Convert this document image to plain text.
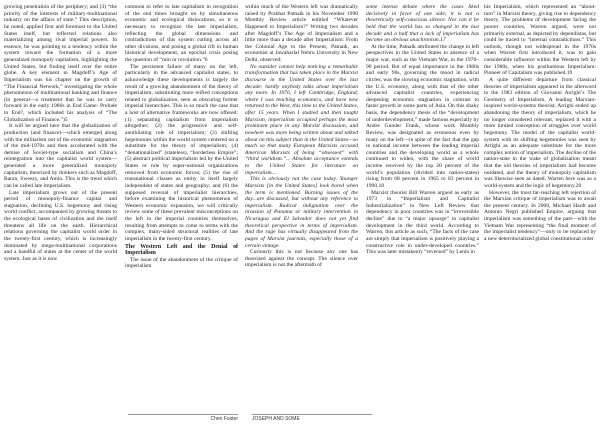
growing penetration of the periphery; and (3) “the priority of the interests of military-multinational industry on the affairs of state.” This description, he noted, applied first and foremost to the United States itself, but reflected relations also materializing among rival imperial powers. In essence, he was pointing to a tendency within the system toward the formation of a more generalized monopoly capitalism, highlighting the United States, but finding itself over the entire globe. A key element in Magdoff’s Age of Imperialism was his chapter on the growth of “The Financial Network,” investigating the whole phenomenon of multinational banking and finance (in general—a treatment that he was to carry forward in the early 1980s in End Game: Prelude to End?, which included his analysis of “The Globalization of Finance.”)5

It will be argued here that the globalization of production (and finance)—which emerged along with the militarism out of the economic stagnation of the mid-1970s and then accelerated with the demise of Soviet-type socialism and China’s reintegration into the capitalist world system—generated a more generalized monopoly capitalism, theorized by thinkers such as Magdoff, Baran, Sweezy, and Amin. This is the trend which can be called late imperialism.

Late imperialism grows out of the present period of monopoly-finance capital and stagnation, declining U.S. hegemony and rising world conflict, accompanied by growing threats to the ecological bases of civilization and the itself threatens all life on the earth. Hierarchical relations governing the capitalist world order in the twenty-first century, which is increasingly dominated by mega-multinational corporations and a handful of states at the center of the world system. Just as it is now

common to refer to late capitalism in recognition of the end times brought on by simultaneous economic and ecological dislocations, so it is necessary to recognize the late imperialism, reflecting the global dimensions and contradictions of this system cutting across all other divisions, and posing a global rift in human historical development, an epochal crisis posing the question of “ruin or revolution.”6

The persistent failure of many on the left, particularly in the advanced capitalist states, to acknowledge these developments is largely the result of a growing abandonment of the theory of imperialism, substituting more reified conceptions related to globalization, seen as obscuring former imperial hierarchies. This is so much the case that a host of alternative frameworks are now offered: (1) separating capitalism from imperialism altogether; (2) the progressive and self-annihilating role of imperialism; (3) shifting hegemonies within the world system centered on a substitute for the theory of imperialism; (4) “denationalized” (stateless), “borderless Empire”; (5) abstract political imperialism led by the United States or rule by super-national organizations removed from economic forces; (5) the rise of transnational classes as entity in itself largely independent of states and geography; and (6) the supposed reversal of imperialist hierarchies, before examining the historical phenomenon of Western economic expansion, we will critically review some of these prevalent misconceptions on the left in the imperial countries themselves, resulting from attempts to come to terms with the complex, many-sided structural realities of late imperialism in the twenty-first century.

The Western Left and the Denial of Imperialism

The issue of the abandonment of the critique of imperialism

within much of the Western left was dramatically raised by Prabhat Patnaik in his November 1990 Monthly Review article entitled “Whatever Happened to Imperialism?” Writing two decades after Magdoff’s The Age of Imperialism and a little more than a decade after Imperialism: From the Colonial Age to the Present, Patnaik, an economist at Jawaharlal Nehru University in New Delhi, observed:

No outsider cannot help noticing a remarkable transformation that has taken place in the Marxist discourse in the United States over the last decade: hardly anybody talks about imperialism any more. In 1976, I left Cambridge, England, where I was teaching economics, and have now returned to the West, this time to the United States, after 15 years. When I studied and then taught Marxism, imperialism occupied perhaps the most prominent place in any Marxist discussion, and nowhere was more being written about and talked about on this subject than in the United States—so much so that many European Marxists accused American Marxists of being “obsessed” with “third worldism.”... Absolute acceptance extends to the United States for literature on imperialism....

This is obviously not the case today. Younger Marxists [in the United States] look bored when the term is mentioned. Burning issues of the day...are discussed, but without any reference to imperialism. Radical indignation over the invasion of Panama or military intervention in Nicaragua and El Salvador does not yet find theoretical perspective in terms of imperialism. And the rage has virtually disappeared from the pages of Marxist journals, especially those of a certain vintage.

Curiously this is not because any one has theorized against the concept. The silence over imperialism is not the aftermath of

some intense debate where the cases liked decisively in favor of one side; it is not a theoretically self-conscious silence. Nor can it be held that the world has so changed in the last decade and a half that a lack of imperialism has become an obvious anachronism.17

At the time, Patnaik attributed the change in left perspectives in the United States to absence of a major war, such as the Vietnam War, in the 1970–90 period. But of equal importance in the 1980s and early 90s, governing the mood in radical circles, was the slowing economic stagnation, with the U.S. economy, along with that of the other advanced capitalist countries, experiencing deepening economic stagnation in contrast to faster growth in some parts of Asia. On this shaky basis, the dependency thesis of the “development of underdevelopment,” made famous especially by Andre Gunder Frank, whose work Monthly Review, was designated as erroneous even by many on the left—in spite of the fact that the gap in national income between the leading imperial countries and the developing world as a whole continued to widen, with the share of world income received by the top 20 percent of the world’s population (divided into nation-states) rising from 68 percent in 1965 to 83 percent in 1990.18

Marxist theorist Bill Warren argued as early as 1973 in “Imperialism and Capitalist Industrialization” in New Left Review that dependency in poor countries was in “irreversible decline” due to “a major upsurge” in capitalist development in the third world. According to Warren, this article as such, “The facts of the case are simply that imperialism is positively playing a constructive role in under-developed countries.” This was later mistakenly “reversed” by Lenin in

his Imperialism, which represented an “about-turn” in Marxist theory, giving rise to dependency theory. The problems of development facing the poorer countries, Warren argued, were not primarily external, as depicted by dependistas, but could be traced to “internal contradictions.” This outlook, though not widespread in the 1970s when Warren first introduced it, was to gain considerable influence within the Western left by the 1980s, when his posthumous Imperialism: Pioneer of Capitalism was published.19

A quite different departure from classical theories of imperialism appeared in the afterword to the 1983 edition of Giovanni Arrighi’s The Geometry of Imperialism. A leading Marxian-inspired world-systems theorist, Arrighi ended up abandoning the theory of imperialism, which he no longer considered relevant, replaced it with a more limited conception of struggles over world hegemony. The model of the capitalist world-system with its shifting hegemonies was seen by Arrighi as an adequate substitute for the more complex notion of imperialism. The decline of the nation-state in the wake of globalization meant that the old theories of imperialism had become outdated, and the theory of monopoly capitalism was likewise seen as dated. Warren here was as a world-system and the logic of hegemony.20

However, the most far-reaching left rejection of the Marxian critique of imperialism was to await the present century. In 2000, Michael Hardt and Antonio Negri published Empire, arguing that imperialism was something of the past—with the Vietnam War representing “the final moment of the imperialist tendency”—only to be replaced by a new deterritorialized global constitutional order

Chen Foster	JOSEPH AND SOME
